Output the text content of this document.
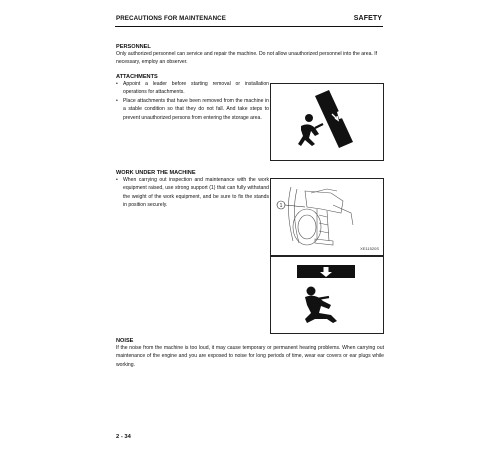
PRECAUTIONS FOR MAINTENANCE	SAFETY
PERSONNEL
Only authorized personnel can service and repair the machine. Do not allow unauthorized personnel into the area. If necessary, employ an observer.
ATTACHMENTS
• Appoint a leader before starting removal or installation operations for attachments.
• Place attachments that have been removed from the machine in a stable condition so that they do not fall. And take steps to prevent unauthorized persons from entering the storage area.
WORK UNDER THE MACHINE
• When carrying out inspection and maintenance with the work equipment raised, use strong support (1) that can fully withstand the weight of the work equipment, and be sure to fix the stands in position securely.	1
XE11520S
NOISE
If the noise from the machine is too loud, it may cause temporary or permanent hearing problems. When carrying out maintenance of the engine and you are exposed to noise for long periods of time, wear ear covers or ear plugs while working.
2 - 34
